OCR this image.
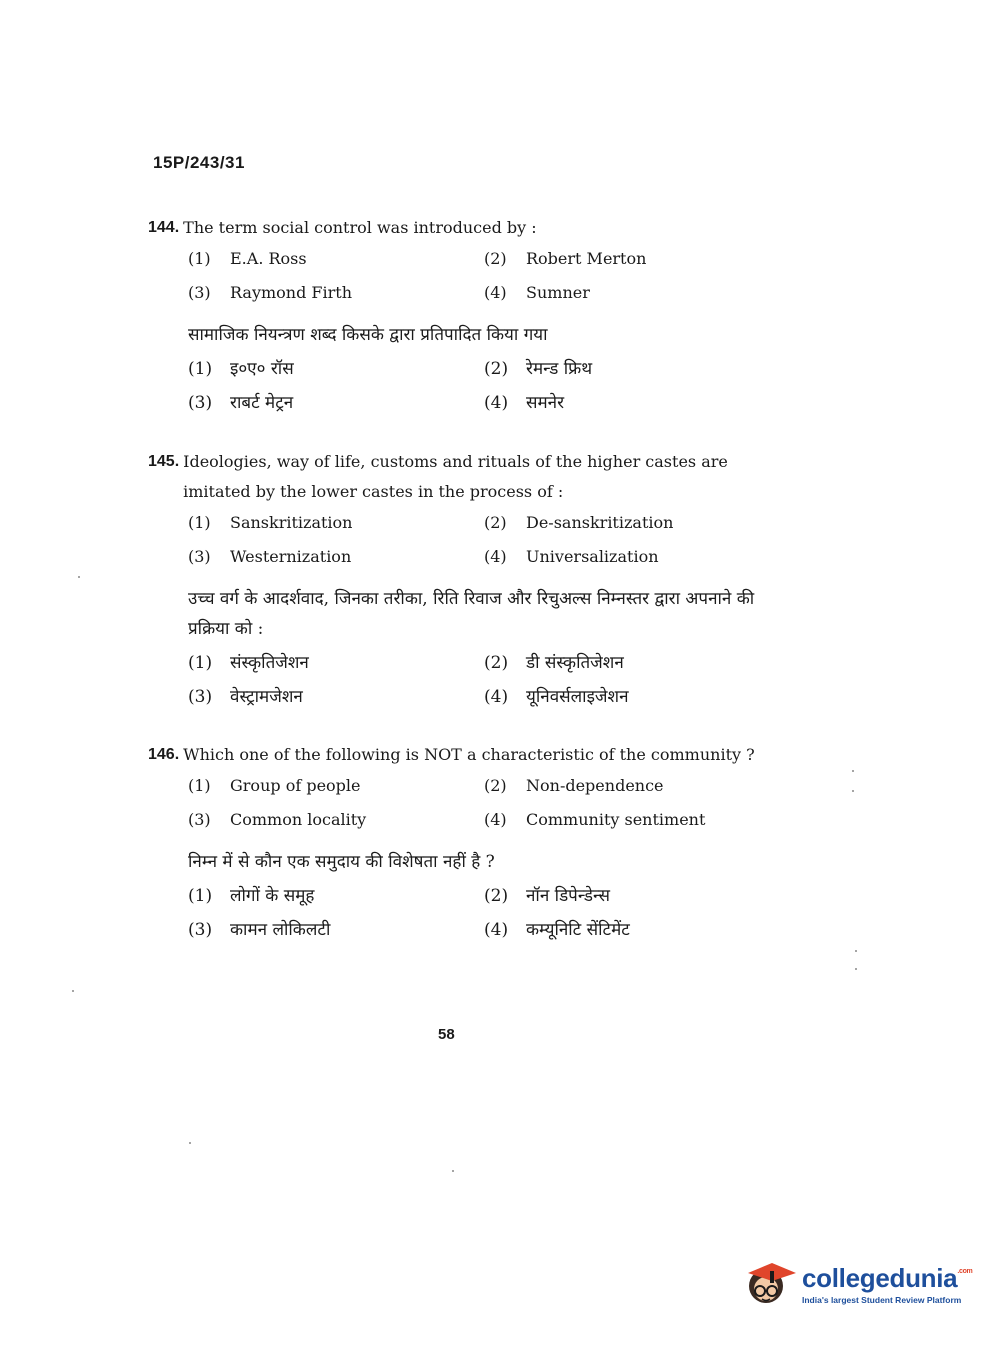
15P/243/31
144. The term social control was introduced by :
(1)	E.A. Ross	(2)	Robert Merton
(3)	Raymond Firth	(4)	Sumner
सामाजिक नियन्त्रण शब्द किसके द्वारा प्रतिपादित किया गया
(1)	इ०ए० रॉस	(2)	रेमन्ड फ्रिथ
(3)	राबर्ट मेट्रन	(4)	समनेर
145. Ideologies, way of life, customs and rituals of the higher castes are imitated by the lower castes in the process of :
(1)	Sanskritization	(2)	De-sanskritization
(3)	Westernization	(4)	Universalization
उच्च वर्ग के आदर्शवाद, जिनका तरीका, रिति रिवाज और रिचुअल्स निम्नस्तर द्वारा अपनाने की प्रक्रिया को :
(1)	संस्कृतिजेशन	(2)	डी संस्कृतिजेशन
(3)	वेस्ट्रामजेशन	(4)	यूनिवर्सलाइजेशन
146. Which one of the following is NOT a characteristic of the community ?
(1)	Group of people	(2)	Non-dependence
(3)	Common locality	(4)	Community sentiment
निम्न में से कौन एक समुदाय की विशेषता नहीं है ?
(1)	लोगों के समूह	(2)	नॉन डिपेन्डेन्स
(3)	कामन लोकिलटी	(4)	कम्यूनिटि सेंटिमेंट
58
collegedunia$^{.com}$
India's largest Student Review Platform
